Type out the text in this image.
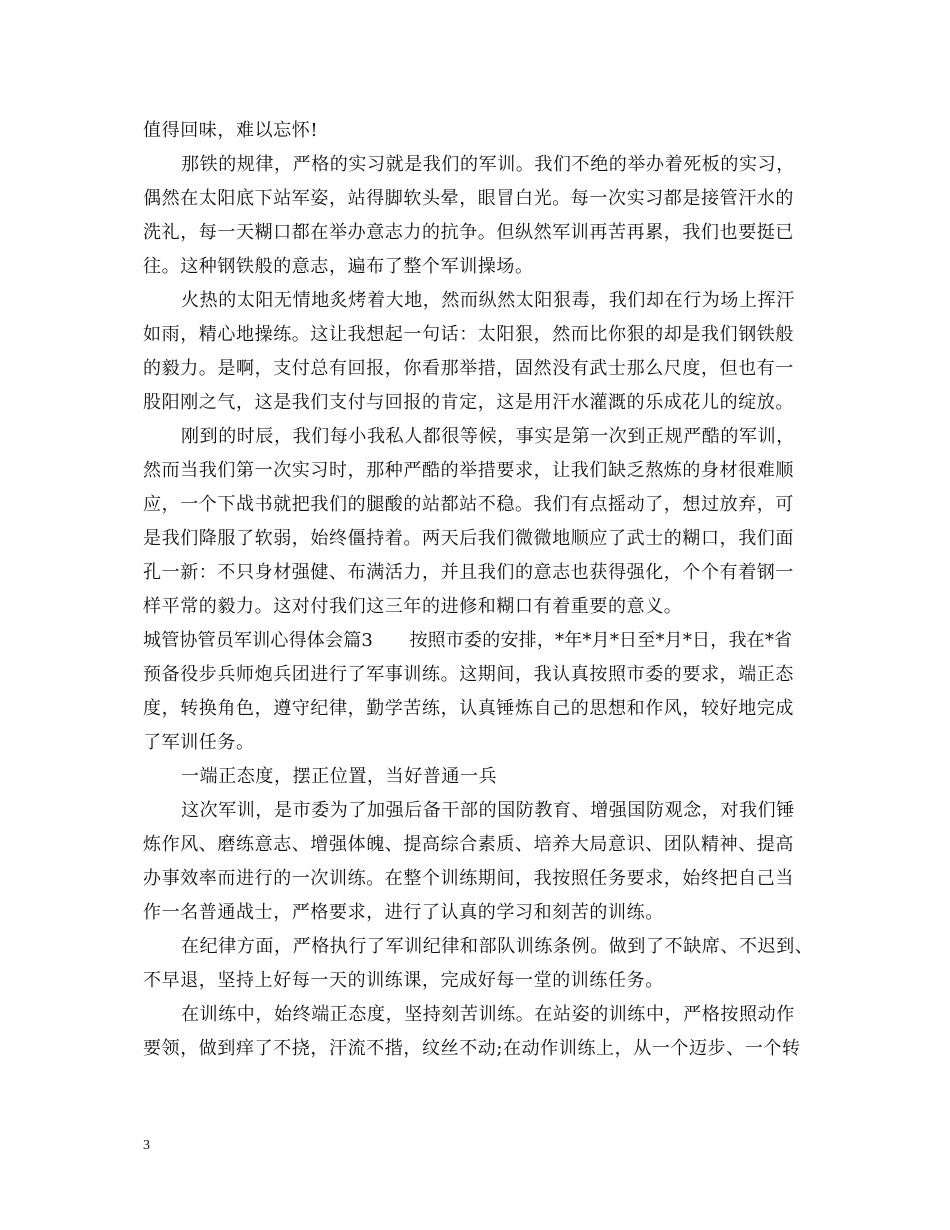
值得回味，难以忘怀!
那铁的规律，严格的实习就是我们的军训。我们不绝的举办着死板的实习，
偶然在太阳底下站军姿，站得脚软头晕，眼冒白光。每一次实习都是接管汗水的
洗礼，每一天糊口都在举办意志力的抗争。但纵然军训再苦再累，我们也要挺已
往。这种钢铁般的意志，遍布了整个军训操场。
火热的太阳无情地炙烤着大地，然而纵然太阳狠毒，我们却在行为场上挥汗
如雨，精心地操练。这让我想起一句话：太阳狠，然而比你狠的却是我们钢铁般
的毅力。是啊，支付总有回报，你看那举措，固然没有武士那么尺度，但也有一
股阳刚之气，这是我们支付与回报的肯定，这是用汗水灌溉的乐成花儿的绽放。
刚到的时辰，我们每小我私人都很等候，事实是第一次到正规严酷的军训，
然而当我们第一次实习时，那种严酷的举措要求，让我们缺乏熬炼的身材很难顺
应，一个下战书就把我们的腿酸的站都站不稳。我们有点摇动了，想过放弃，可
是我们降服了软弱，始终僵持着。两天后我们微微地顺应了武士的糊口，我们面
孔一新：不只身材强健、布满活力，并且我们的意志也获得强化，个个有着钢一
样平常的毅力。这对付我们这三年的进修和糊口有着重要的意义。
城管协管员军训心得体会篇3　　按照市委的安排，*年*月*日至*月*日，我在*省
预备役步兵师炮兵团进行了军事训练。这期间，我认真按照市委的要求，端正态
度，转换角色，遵守纪律，勤学苦练，认真锤炼自己的思想和作风，较好地完成
了军训任务。
一端正态度，摆正位置，当好普通一兵
这次军训，是市委为了加强后备干部的国防教育、增强国防观念，对我们锤
炼作风、磨练意志、增强体魄、提高综合素质、培养大局意识、团队精神、提高
办事效率而进行的一次训练。在整个训练期间，我按照任务要求，始终把自己当
作一名普通战士，严格要求，进行了认真的学习和刻苦的训练。
在纪律方面，严格执行了军训纪律和部队训练条例。做到了不缺席、不迟到、
不早退，坚持上好每一天的训练课，完成好每一堂的训练任务。
在训练中，始终端正态度，坚持刻苦训练。在站姿的训练中，严格按照动作
要领，做到痒了不挠，汗流不揩，纹丝不动;在动作训练上，从一个迈步、一个转
3
